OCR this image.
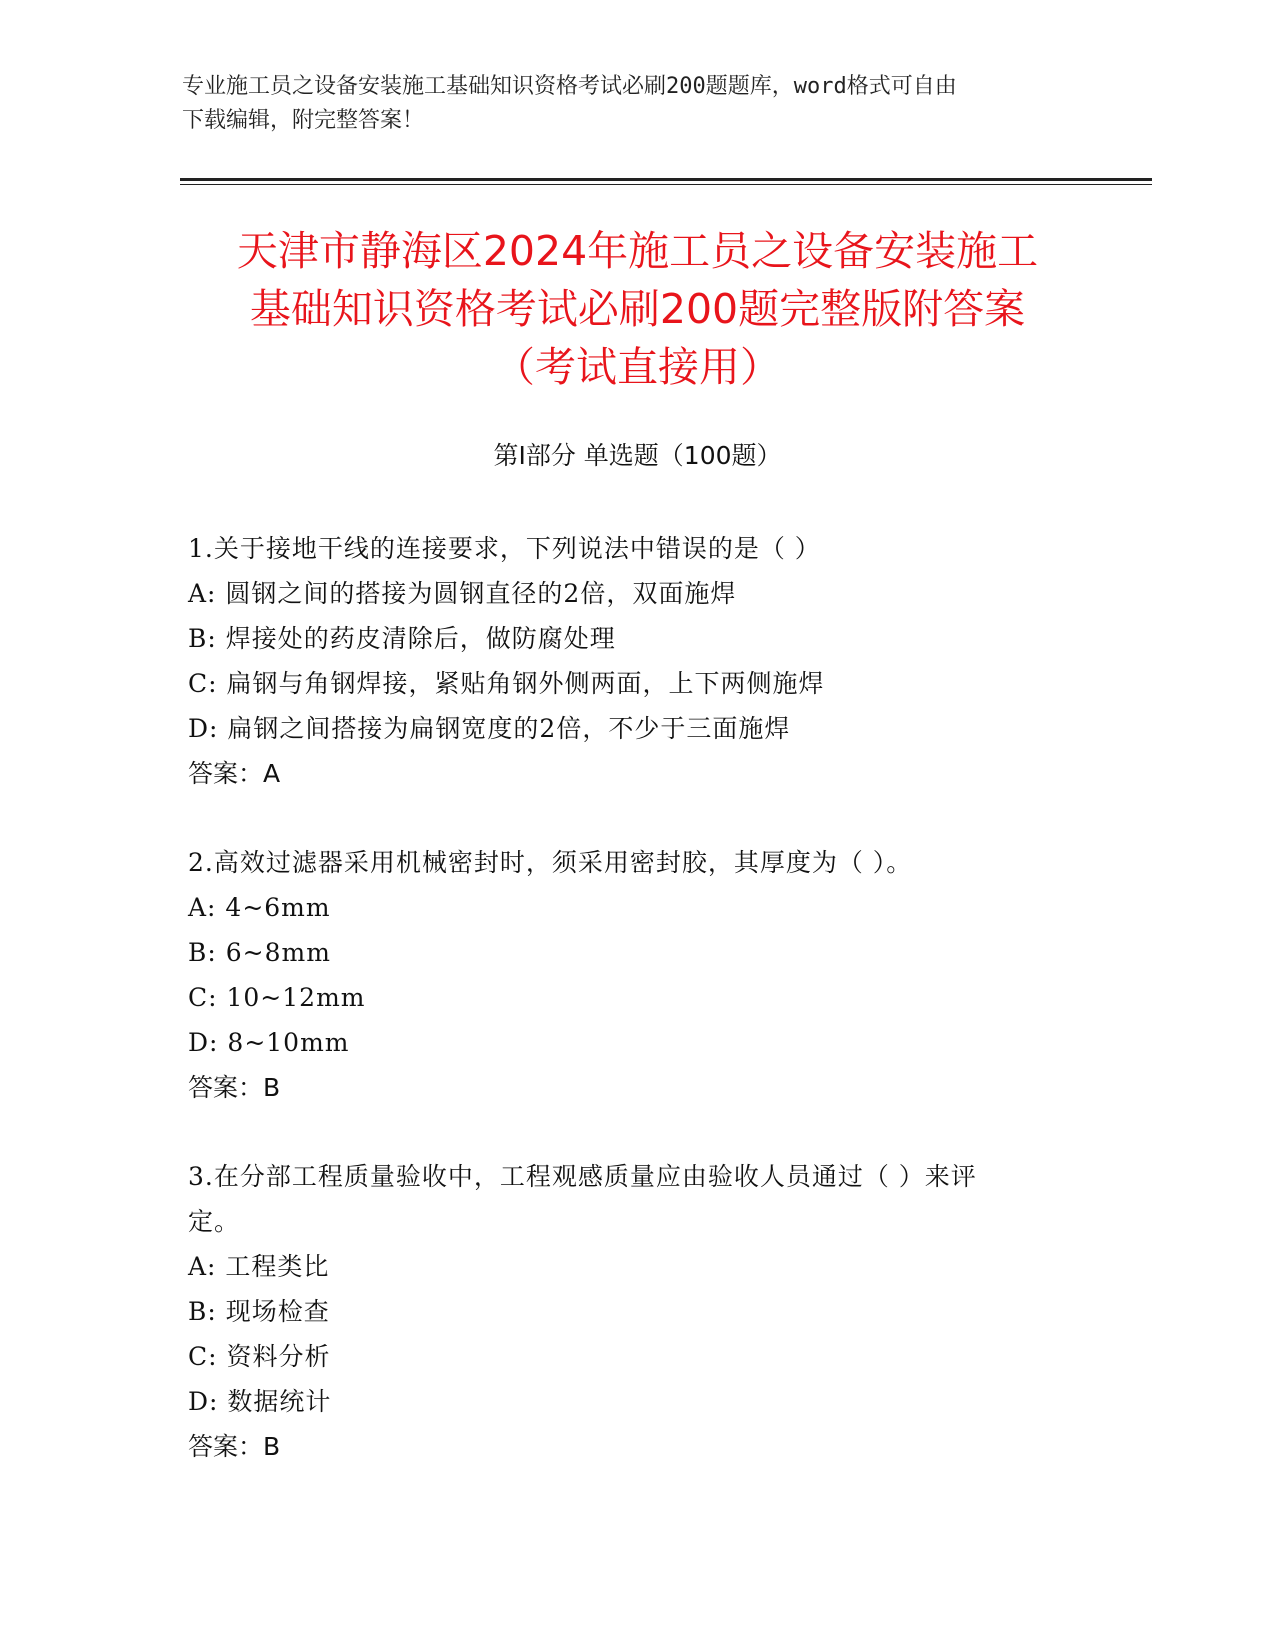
专业施工员之设备安装施工基础知识资格考试必刷200题题库，word格式可自由
下载编辑，附完整答案！
天津市静海区2024年施工员之设备安装施工
基础知识资格考试必刷200题完整版附答案
（考试直接用）
第Ⅰ部分 单选题（100题）
1.关于接地干线的连接要求，下列说法中错误的是（ ）
A: 圆钢之间的搭接为圆钢直径的2倍，双面施焊
B: 焊接处的药皮清除后，做防腐处理
C: 扁钢与角钢焊接，紧贴角钢外侧两面，上下两侧施焊
D: 扁钢之间搭接为扁钢宽度的2倍，不少于三面施焊
答案：A
2.高效过滤器采用机械密封时，须采用密封胶，其厚度为（ ）。
A: 4~6mm
B: 6~8mm
C: 10~12mm
D: 8~10mm
答案：B
3.在分部工程质量验收中，工程观感质量应由验收人员通过（ ）来评
定。
A: 工程类比
B: 现场检查
C: 资料分析
D: 数据统计
答案：B
